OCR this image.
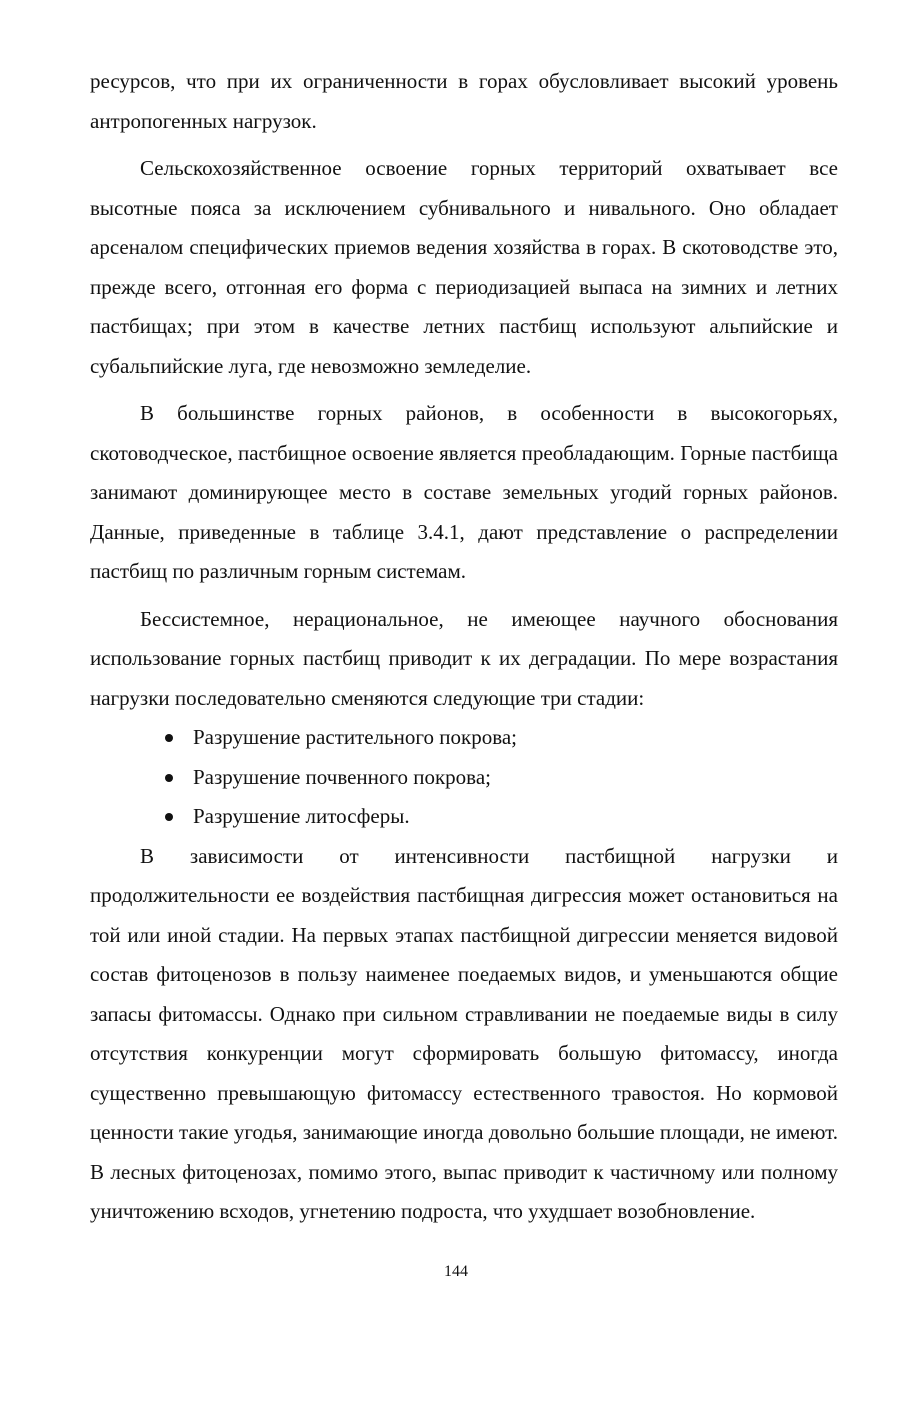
ресурсов, что при их ограниченности в горах обусловливает высокий уровень антропогенных нагрузок.

Сельскохозяйственное освоение горных территорий охватывает все высотные пояса за исключением субнивального и нивального. Оно обладает арсеналом специфических приемов ведения хозяйства в горах. В скотоводстве это, прежде всего, отгонная его форма с периодизацией выпаса на зимних и летних пастбищах; при этом в качестве летних пастбищ используют альпийские и субальпийские луга, где невозможно земледелие.

В большинстве горных районов, в особенности в высокогорьях, скотоводческое, пастбищное освоение является преобладающим. Горные пастбища занимают доминирующее место в составе земельных угодий горных районов. Данные, приведенные в таблице 3.4.1, дают представление о распределении пастбищ по различным горным системам.

Бессистемное, нерациональное, не имеющее научного обоснования использование горных пастбищ приводит к их деградации. По мере возрастания нагрузки последовательно сменяются следующие три стадии:

Разрушение растительного покрова;
Разрушение почвенного покрова;
Разрушение литосферы.

В зависимости от интенсивности пастбищной нагрузки и продолжительности ее воздействия пастбищная дигрессия может остановиться на той или иной стадии. На первых этапах пастбищной дигрессии меняется видовой состав фитоценозов в пользу наименее поедаемых видов, и уменьшаются общие запасы фитомассы. Однако при сильном стравливании не поедаемые виды в силу отсутствия конкуренции могут сформировать большую фитомассу, иногда существенно превышающую фитомассу естественного травостоя. Но кормовой ценности такие угодья, занимающие иногда довольно большие площади, не имеют. В лесных фитоценозах, помимо этого, выпас приводит к частичному или полному уничтожению всходов, угнетению подроста, что ухудшает возобновление.

144
